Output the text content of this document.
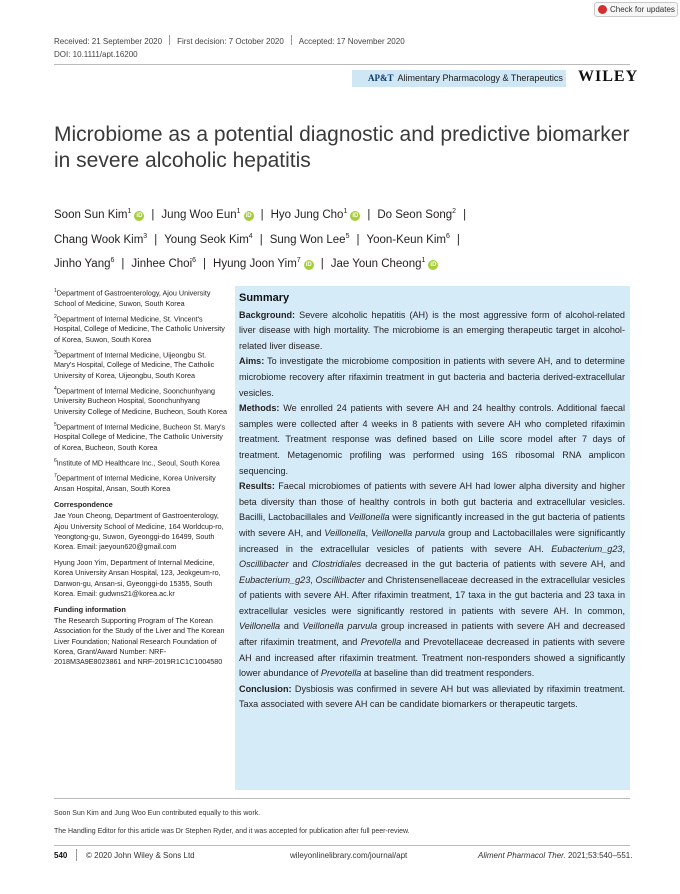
Check for updates
Received: 21 September 2020 First decision: 7 October 2020 Accepted: 17 November 2020
DOI: 10.1111/apt.16200
AP&T Alimentary Pharmacology & Therapeutics WILEY
Microbiome as a potential diagnostic and predictive biomarker in severe alcoholic hepatitis
Soon Sun Kim$^1$iD | Jung Woo Eun$^1$iD | Hyo Jung Cho$^1$iD | Do Seon Song$^2$ |
Chang Wook Kim$^3$ | Young Seok Kim$^4$ | Sung Won Lee$^5$ | Yoon-Keun Kim$^6$ |
Jinho Yang$^6$ | Jinhee Choi$^6$ | Hyung Joon Yim$^7$iD | Jae Youn Cheong$^1$iD

$^1$Department of Gastroenterology, Ajou University School of Medicine, Suwon, South Korea

$^2$Department of Internal Medicine, St. Vincent's Hospital, College of Medicine, The Catholic University of Korea, Suwon, South Korea

$^3$Department of Internal Medicine, Uijeongbu St. Mary's Hospital, College of Medicine, The Catholic University of Korea, Uijeongbu, South Korea

$^4$Department of Internal Medicine, Soonchunhyang University Bucheon Hospital, Soonchunhyang University College of Medicine, Bucheon, South Korea

$^5$Department of Internal Medicine, Bucheon St. Mary's Hospital College of Medicine, The Catholic University of Korea, Bucheon, South Korea

$^6$Institute of MD Healthcare Inc., Seoul, South Korea

$^7$Department of Internal Medicine, Korea University Ansan Hospital, Ansan, South Korea

Correspondence

Jae Youn Cheong, Department of Gastroenterology, Ajou University School of Medicine, 164 Worldcup-ro, Yeongtong-gu, Suwon, Gyeonggi-do 16499, South Korea. Email: jaeyoun620@gmail.com

Hyung Joon Yim, Department of Internal Medicine, Korea University Ansan Hospital, 123, Jeokgeum-ro, Danwon-gu, Ansan-si, Gyeonggi-do 15355, South Korea. Email: gudwns21@korea.ac.kr

Funding information

The Research Supporting Program of The Korean Association for the Study of the Liver and The Korean Liver Foundation; National Research Foundation of Korea, Grant/Award Number: NRF-2018M3A9E8023861 and NRF-2019R1C1C1004580

Summary

Background: Severe alcoholic hepatitis (AH) is the most aggressive form of alcohol-related liver disease with high mortality. The microbiome is an emerging therapeutic target in alcohol-related liver disease.

Aims: To investigate the microbiome composition in patients with severe AH, and to determine microbiome recovery after rifaximin treatment in gut bacteria and bacteria derived-extracellular vesicles.

Methods: We enrolled 24 patients with severe AH and 24 healthy controls. Additional faecal samples were collected after 4 weeks in 8 patients with severe AH who completed rifaximin treatment. Treatment response was defined based on Lille score model after 7 days of treatment. Metagenomic profiling was performed using 16S ribosomal RNA amplicon sequencing.

Results: Faecal microbiomes of patients with severe AH had lower alpha diversity and higher beta diversity than those of healthy controls in both gut bacteria and extracellular vesicles. Bacilli, Lactobacillales and Veillonella were significantly increased in the gut bacteria of patients with severe AH, and Veillonella, Veillonella parvula group and Lactobacillales were significantly increased in the extracellular vesicles of patients with severe AH. Eubacterium_g23, Oscillibacter and Clostridiales decreased in the gut bacteria of patients with severe AH, and Eubacterium_g23, Oscillibacter and Christensenellaceae decreased in the extracellular vesicles of patients with severe AH. After rifaximin treatment, 17 taxa in the gut bacteria and 23 taxa in extracellular vesicles were significantly restored in patients with severe AH. In common, Veillonella and Veillonella parvula group increased in patients with severe AH and decreased after rifaximin treatment, and Prevotella and Prevotellaceae decreased in patients with severe AH and increased after rifaximin treatment. Treatment non-responders showed a significantly lower abundance of Prevotella at baseline than did treatment responders.

Conclusion: Dysbiosis was confirmed in severe AH but was alleviated by rifaximin treatment. Taxa associated with severe AH can be candidate biomarkers or therapeutic targets.

Soon Sun Kim and Jung Woo Eun contributed equally to this work.
The Handling Editor for this article was Dr Stephen Ryder, and it was accepted for publication after full peer-review.
540 © 2020 John Wiley & Sons Ltd	wileyonlinelibrary.com/journal/apt	Aliment Pharmacol Ther. 2021;53:540–551.
